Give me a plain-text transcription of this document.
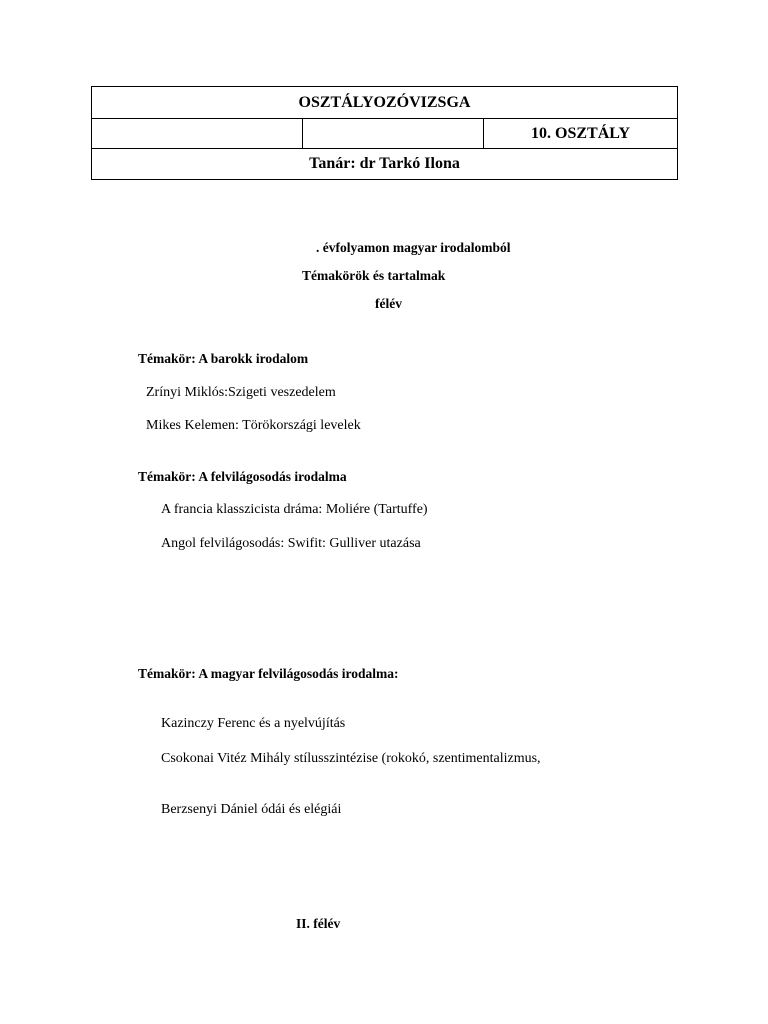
OSZTÁLYOZÓVIZSGA
		10. OSZTÁLY
Tanár: dr Tarkó Ilona
. évfolyamon magyar irodalomból
Témakörök és tartalmak
félév
Témakör: A barokk irodalom
Zrínyi Miklós:Szigeti veszedelem
Mikes Kelemen: Törökországi levelek
Témakör: A felvilágosodás irodalma
A francia klasszicista dráma: Moliére (Tartuffe)
Angol felvilágosodás: Swifit: Gulliver utazása
Témakör: A magyar felvilágosodás irodalma:
Kazinczy Ferenc és a nyelvújítás
Csokonai Vitéz Mihály stílusszintézise (rokokó, szentimentalizmus,
Berzsenyi Dániel ódái és elégiái
II. félév
